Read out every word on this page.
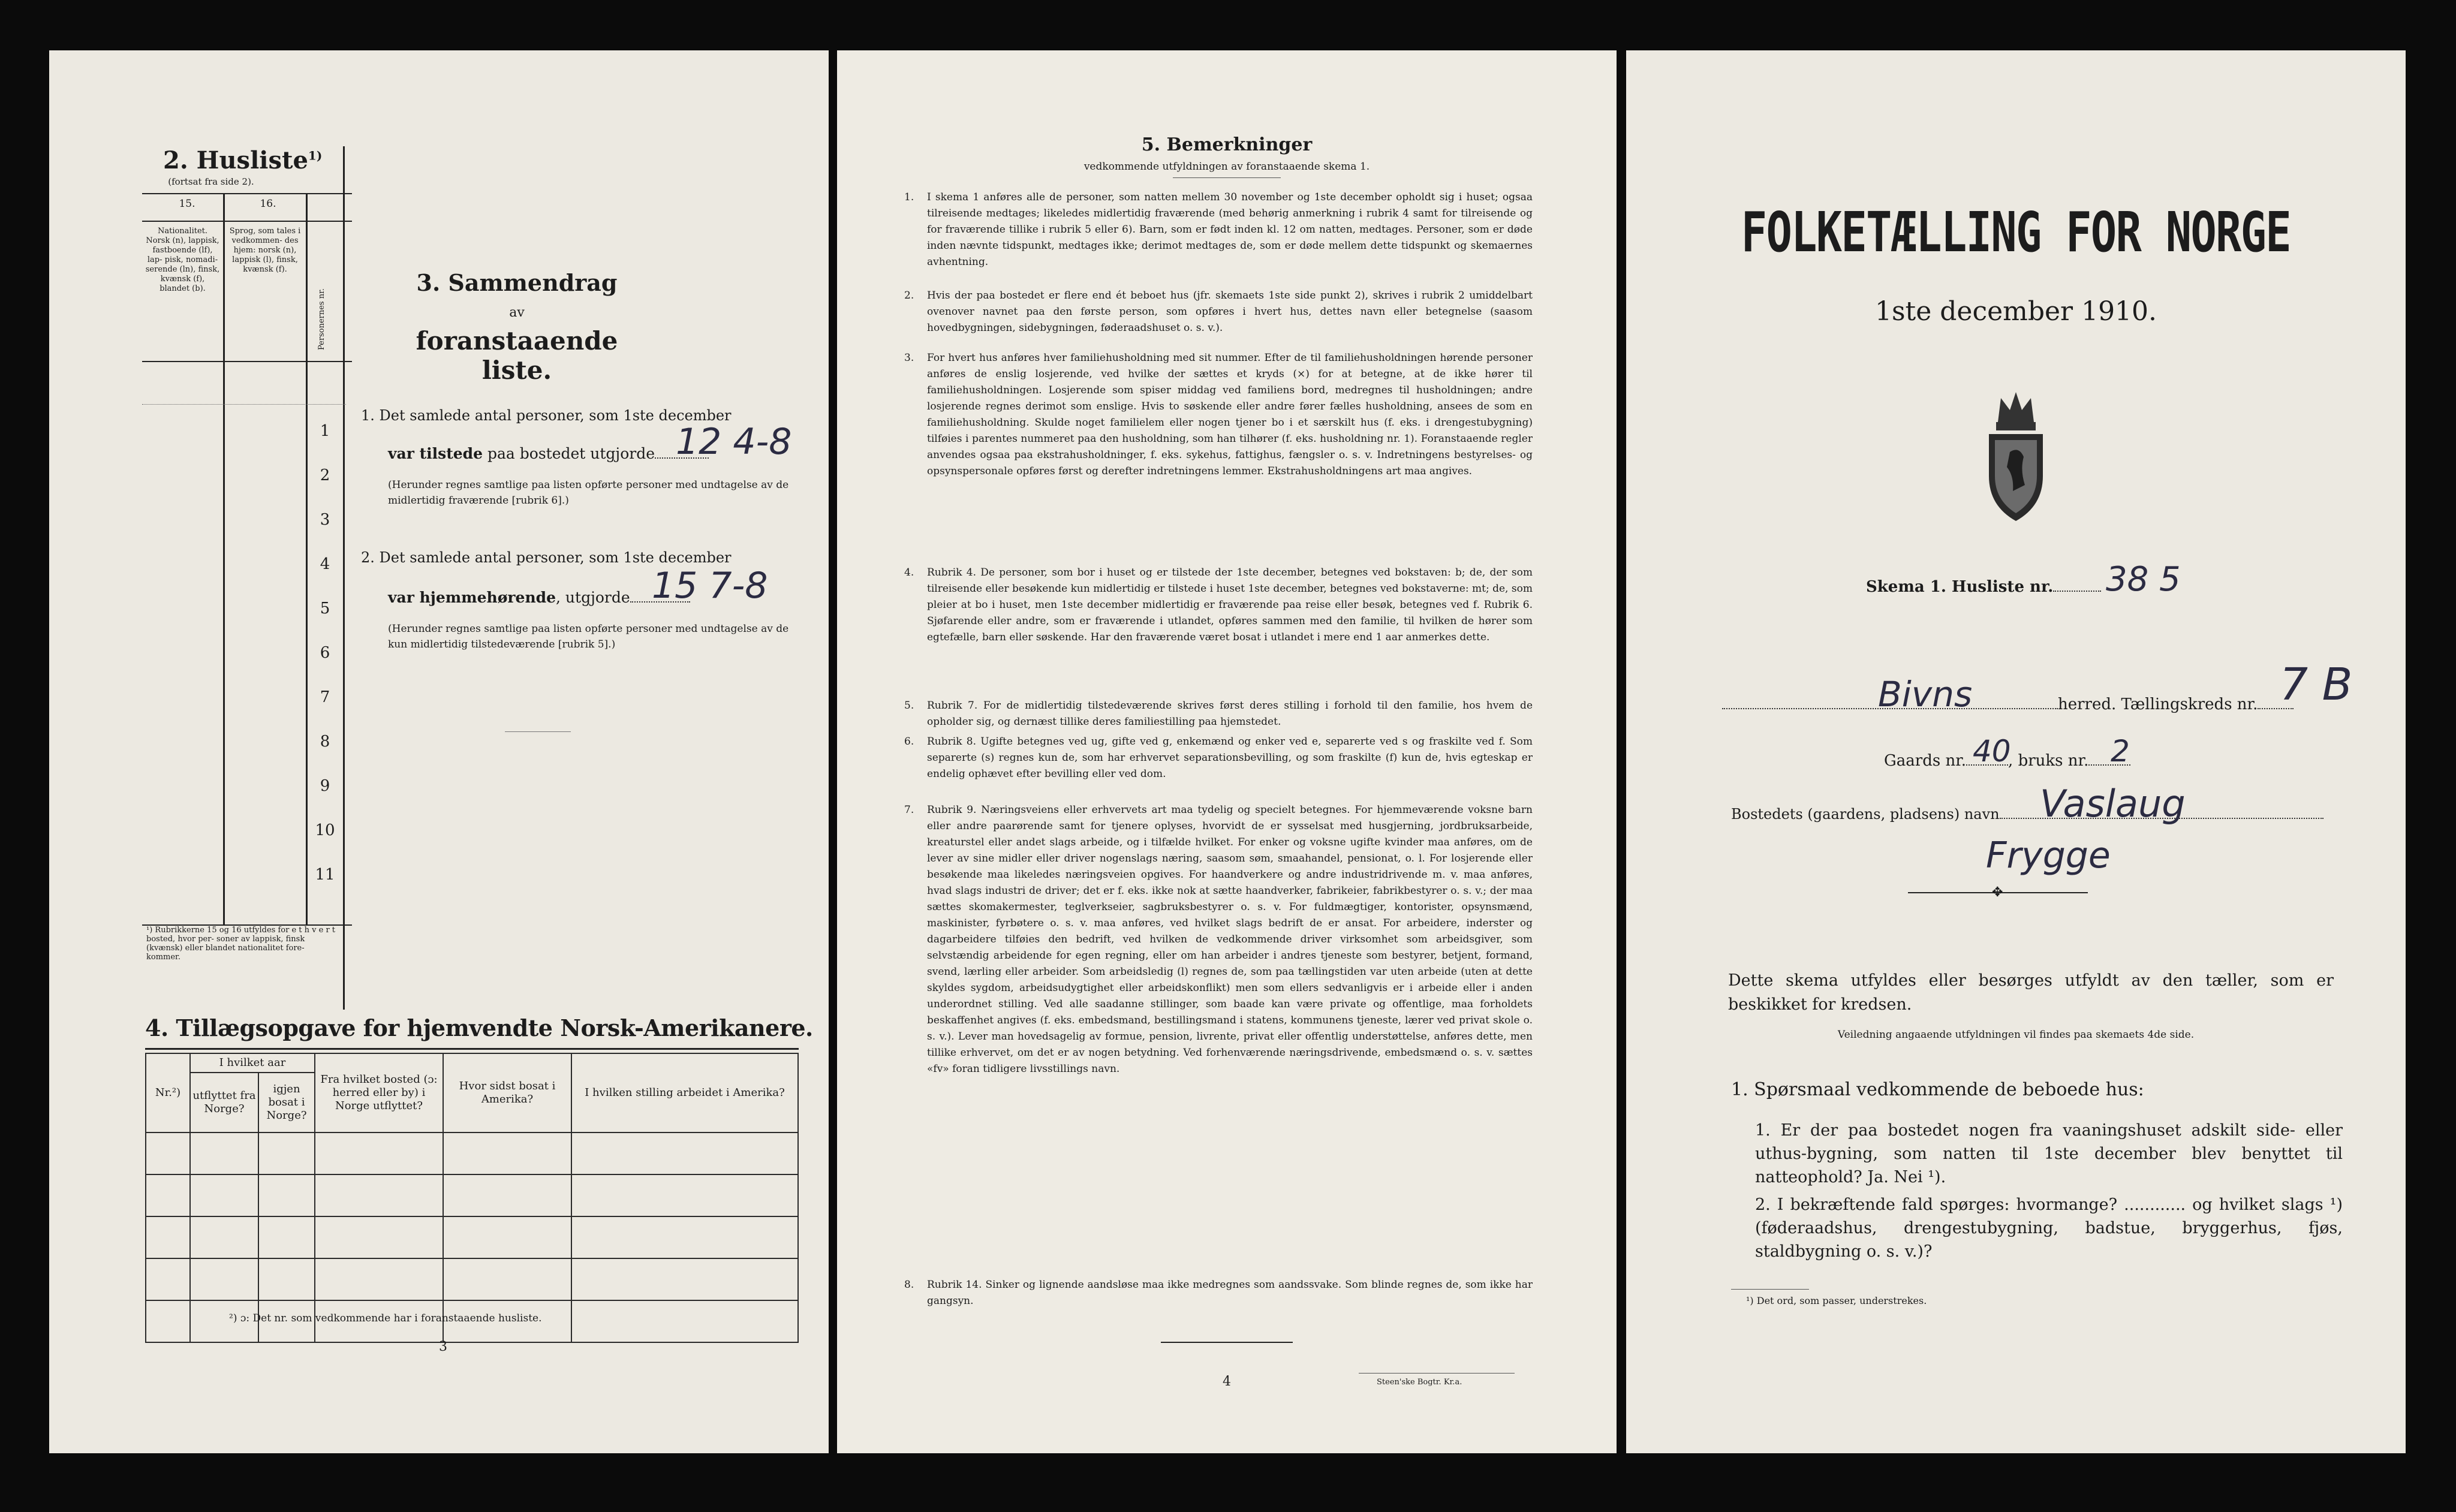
2. Husliste$^{1)}$
(fortsat fra side 2).
15.	16.
Nationalitet. Norsk (n), lappisk, fastboende (lf), lap- pisk, nomadi- serende (ln), finsk, kvænsk (f), blandet (b).
Sprog, som tales i vedkommen- des hjem: norsk (n), lappisk (l), finsk, kvænsk (f).
Personernes nr.
1
2
3
4
5
6
7
8
9
10
11
¹) Rubrikkerne 15 og 16 utfyldes for e t h v e r t bosted, hvor per- soner av lappisk, finsk (kvænsk) eller blandet nationalitet fore- kommer.
3. Sammendrag
av
foranstaaende liste.
1. Det samlede antal personer, som 1ste december
var tilstede paa bostedet utgjorde 12 4-8
(Herunder regnes samtlige paa listen opførte personer med undtagelse av de midlertidig fraværende [rubrik 6].)
2. Det samlede antal personer, som 1ste december
var hjemmehørende, utgjorde 15 7-8
(Herunder regnes samtlige paa listen opførte personer med undtagelse av de kun midlertidig tilstedeværende [rubrik 5].)
4. Tillægsopgave for hjemvendte Norsk-Amerikanere.
Nr.²)	I hvilket aar		Fra hvilket bosted (ɔ: herred eller by) i Norge utflyttet?	Hvor sidst bosat i Amerika?	I hvilken stilling arbeidet i Amerika?
	utflyttet fra Norge?	igjen bosat i Norge?			

²) ɔ: Det nr. som vedkommende har i foranstaaende husliste.
3
5. Bemerkninger
vedkommende utfyldningen av foranstaaende skema 1.
1. I skema 1 anføres alle de personer, som natten mellem 30 november og 1ste december opholdt sig i huset; ogsaa tilreisende medtages; likeledes midlertidig fraværende (med behørig anmerkning i rubrik 4 samt for tilreisende og for fraværende tillike i rubrik 5 eller 6). Barn, som er født inden kl. 12 om natten, medtages. Personer, som er døde inden nævnte tidspunkt, medtages ikke; derimot medtages de, som er døde mellem dette tidspunkt og skemaernes avhentning.
2. Hvis der paa bostedet er flere end ét beboet hus (jfr. skemaets 1ste side punkt 2), skrives i rubrik 2 umiddelbart ovenover navnet paa den første person, som opføres i hvert hus, dettes navn eller betegnelse (saasom hovedbygningen, sidebygningen, føderaadshuset o. s. v.).
3. For hvert hus anføres hver familiehusholdning med sit nummer. Efter de til familiehusholdningen hørende personer anføres de enslig losjerende, ved hvilke der sættes et kryds (×) for at betegne, at de ikke hører til familiehusholdningen. Losjerende som spiser middag ved familiens bord, medregnes til husholdningen; andre losjerende regnes derimot som enslige. Hvis to søskende eller andre fører fælles husholdning, ansees de som en familiehusholdning. Skulde noget familielem eller nogen tjener bo i et særskilt hus (f. eks. i drengestubygning) tilføies i parentes nummeret paa den husholdning, som han tilhører (f. eks. husholdning nr. 1). Foranstaaende regler anvendes ogsaa paa ekstrahusholdninger, f. eks. sykehus, fattighus, fængsler o. s. v. Indretningens bestyrelses- og opsynspersonale opføres først og derefter indretningens lemmer. Ekstrahusholdningens art maa angives.
4. Rubrik 4. De personer, som bor i huset og er tilstede der 1ste december, betegnes ved bokstaven: b; de, der som tilreisende eller besøkende kun midlertidig er tilstede i huset 1ste december, betegnes ved bokstaverne: mt; de, som pleier at bo i huset, men 1ste december midlertidig er fraværende paa reise eller besøk, betegnes ved f. Rubrik 6. Sjøfarende eller andre, som er fraværende i utlandet, opføres sammen med den familie, til hvilken de hører som egtefælle, barn eller søskende. Har den fraværende været bosat i utlandet i mere end 1 aar anmerkes dette.
5. Rubrik 7. For de midlertidig tilstedeværende skrives først deres stilling i forhold til den familie, hos hvem de opholder sig, og dernæst tillike deres familiestilling paa hjemstedet.
6. Rubrik 8. Ugifte betegnes ved ug, gifte ved g, enkemænd og enker ved e, separerte ved s og fraskilte ved f. Som separerte (s) regnes kun de, som har erhvervet separationsbevilling, og som fraskilte (f) kun de, hvis egteskap er endelig ophævet efter bevilling eller ved dom.
7. Rubrik 9. Næringsveiens eller erhvervets art maa tydelig og specielt betegnes. For hjemmeværende voksne barn eller andre paarørende samt for tjenere oplyses, hvorvidt de er sysselsat med husgjerning, jordbruksarbeide, kreaturstel eller andet slags arbeide, og i tilfælde hvilket. For enker og voksne ugifte kvinder maa anføres, om de lever av sine midler eller driver nogenslags næring, saasom søm, smaahandel, pensionat, o. l. For losjerende eller besøkende maa likeledes næringsveien opgives. For haandverkere og andre industridrivende m. v. maa anføres, hvad slags industri de driver; det er f. eks. ikke nok at sætte haandverker, fabrikeier, fabrikbestyrer o. s. v.; der maa sættes skomakermester, teglverkseier, sagbruksbestyrer o. s. v. For fuldmægtiger, kontorister, opsynsmænd, maskinister, fyrbøtere o. s. v. maa anføres, ved hvilket slags bedrift de er ansat. For arbeidere, inderster og dagarbeidere tilføies den bedrift, ved hvilken de vedkommende driver virksomhet som arbeidsgiver, som selvstændig arbeidende for egen regning, eller om han arbeider i andres tjeneste som bestyrer, betjent, formand, svend, lærling eller arbeider. Som arbeidsledig (l) regnes de, som paa tællingstiden var uten arbeide (uten at dette skyldes sygdom, arbeidsudygtighet eller arbeidskonflikt) men som ellers sedvanligvis er i arbeide eller i anden underordnet stilling. Ved alle saadanne stillinger, som baade kan være private og offentlige, maa forholdets beskaffenhet angives (f. eks. embedsmand, bestillingsmand i statens, kommunens tjeneste, lærer ved privat skole o. s. v.). Lever man hovedsagelig av formue, pension, livrente, privat eller offentlig understøttelse, anføres dette, men tillike erhvervet, om det er av nogen betydning. Ved forhenværende næringsdrivende, embedsmænd o. s. v. sættes «fv» foran tidligere livsstillings navn.
8. Rubrik 14. Sinker og lignende aandsløse maa ikke medregnes som aandssvake. Som blinde regnes de, som ikke har gangsyn.
4	Steen'ske Bogtr. Kr.a.
FOLKETÆLLING FOR NORGE
1ste december 1910.
Skema 1. Husliste nr.	38 5
Bivns	herred. Tællingskreds nr. 7 B
Gaards nr.	, bruks nr.
40	2
Bostedets (gaardens, pladsens) navn	Vaslaug
Frygge
✥
Dette skema utfyldes eller besørges utfyldt av den tæller, som er beskikket for kredsen.
Veiledning angaaende utfyldningen vil findes paa skemaets 4de side.
1. Spørsmaal vedkommende de beboede hus:
1. Er der paa bostedet nogen fra vaaningshuset adskilt side- eller uthus-bygning, som natten til 1ste december blev benyttet til natteophold? Ja. Nei ¹).
2. I bekræftende fald spørges: hvormange? ............ og hvilket slags ¹) (føderaadshus, drengestubygning, badstue, bryggerhus, fjøs, staldbygning o. s. v.)?
¹) Det ord, som passer, understrekes.
